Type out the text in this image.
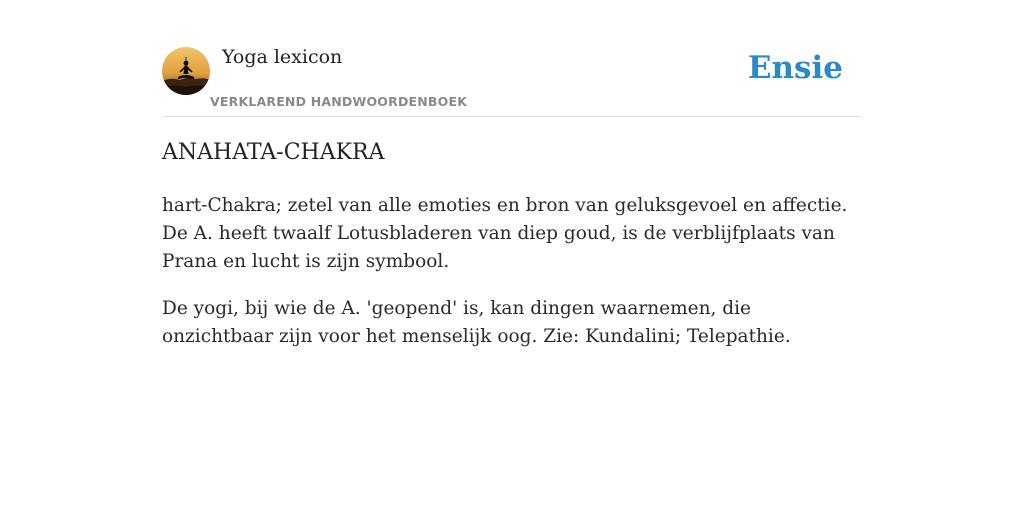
Yoga lexicon
VERKLAREND HANDWOORDENBOEK
Ensie
ANAHATA-CHAKRA

hart-Chakra; zetel van alle emoties en bron van geluksgevoel en affectie. De A. heeft twaalf Lotusbladeren van diep goud, is de verblijfplaats van Prana en lucht is zijn symbool.

De yogi, bij wie de A. 'geopend' is, kan dingen waarnemen, die onzichtbaar zijn voor het menselijk oog. Zie: Kundalini; Telepathie.
